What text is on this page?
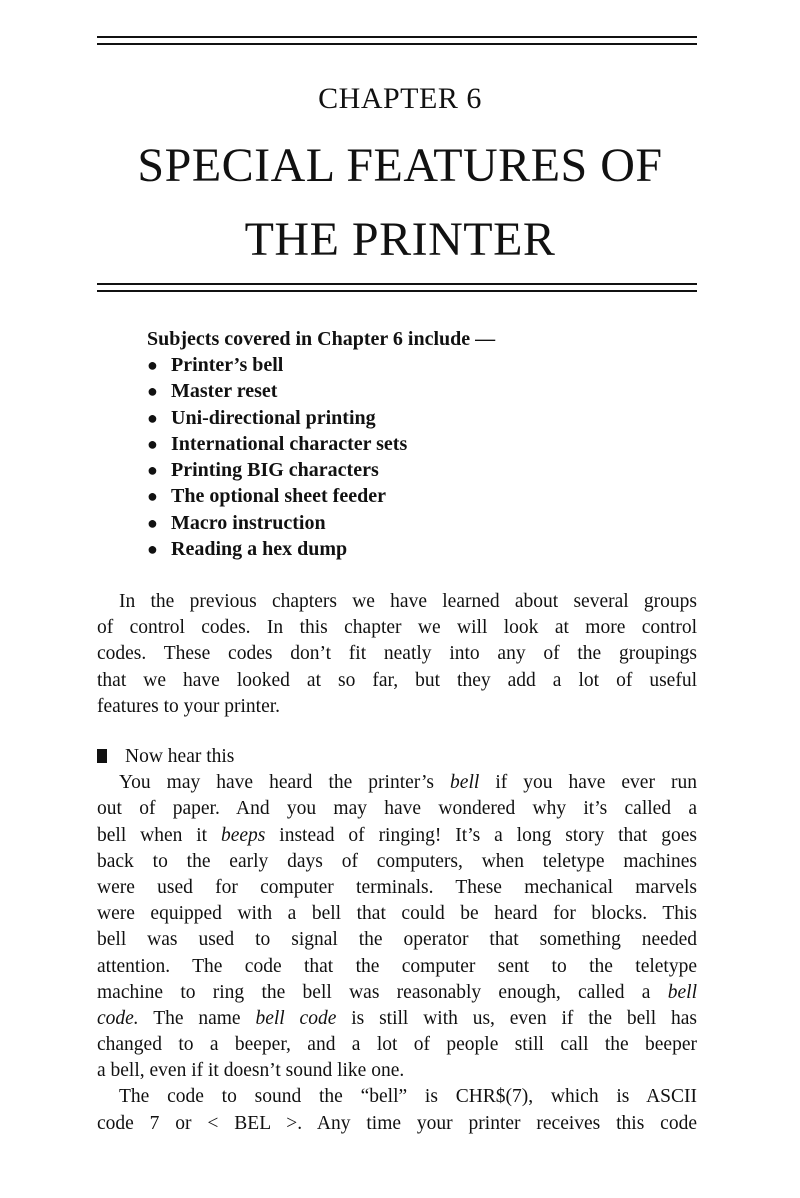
CHAPTER 6
SPECIAL FEATURES OF
THE PRINTER
Subjects covered in Chapter 6 include —
● Printer’s bell
● Master reset
● Uni-directional printing
● International character sets
● Printing BIG characters
● The optional sheet feeder
● Macro instruction
● Reading a hex dump
In the previous chapters we have learned about several groups
of control codes. In this chapter we will look at more control
codes. These codes don’t fit neatly into any of the groupings
that we have looked at so far, but they add a lot of useful
features to your printer.
Now hear this
You may have heard the printer’s bell if you have ever run
out of paper. And you may have wondered why it’s called a
bell when it beeps instead of ringing! It’s a long story that goes
back to the early days of computers, when teletype machines
were used for computer terminals. These mechanical marvels
were equipped with a bell that could be heard for blocks. This
bell was used to signal the operator that something needed
attention. The code that the computer sent to the teletype
machine to ring the bell was reasonably enough, called a bell
code. The name bell code is still with us, even if the bell has
changed to a beeper, and a lot of people still call the beeper
a bell, even if it doesn’t sound like one.
The code to sound the “bell” is CHR$(7), which is ASCII
code 7 or < BEL >. Any time your printer receives this code
